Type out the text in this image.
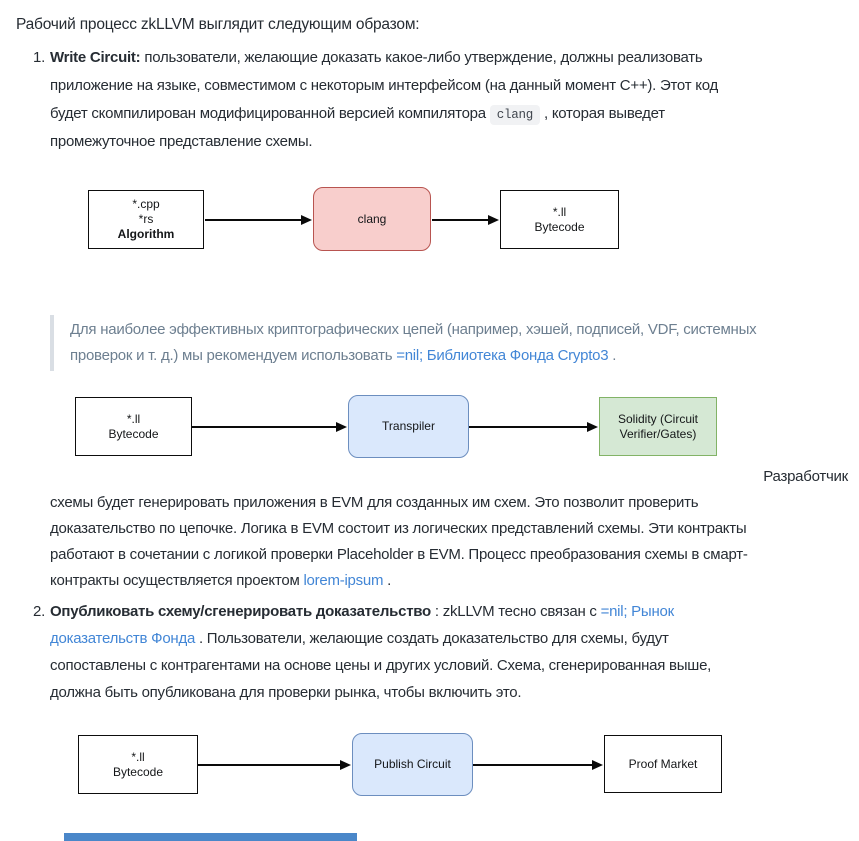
Рабочий процесс zkLLVM выглядит следующим образом:
1. Write Circuit: пользователи, желающие доказать какое-либо утверждение, должны реализовать приложение на языке, совместимом с некоторым интерфейсом (на данный момент C++). Этот код будет скомпилирован модифицированной версией компилятора clang , которая выведет промежуточное представление схемы.
*.cpp
*rs
Algorithm
clang	*.ll
Bytecode
Для наиболее эффективных криптографических цепей (например, хэшей, подписей, VDF, системных проверок и т. д.) мы рекомендуем использовать =nil; Библиотека Фонда Crypto3 .
*.ll
Bytecode
Transpiler
Solidity (Circuit
Verifier/Gates)
Разработчик
схемы будет генерировать приложения в EVM для созданных им схем. Это позволит проверить доказательство по цепочке. Логика в EVM состоит из логических представлений схемы. Эти контракты работают в сочетании с логикой проверки Placeholder в EVM. Процесс преобразования схемы в смарт-контракты осуществляется проектом lorem-ipsum .
2. Опубликовать схему/сгенерировать доказательство : zkLLVM тесно связан с =nil; Рынок доказательств Фонда . Пользователи, желающие создать доказательство для схемы, будут сопоставлены с контрагентами на основе цены и других условий. Схема, сгенерированная выше, должна быть опубликована для проверки рынка, чтобы включить это.
*.ll
Bytecode
Publish Circuit	Proof Market
